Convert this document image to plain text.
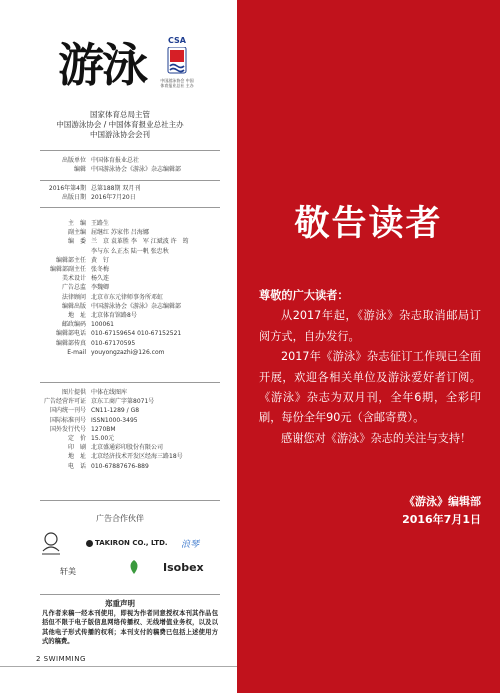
游泳	CSA
中国游泳协会 中国体育报业总社 主办
国家体育总局主管
中国游泳协会 / 中国体育报业总社主办
中国游泳协会会刊
出版单位 中国体育报业总社
编辑 中国游泳协会《游泳》杂志编辑部
2016年第4期 总第188期 双月刊
出版日期 2016年7月20日
主　编 王路生
副主编 屈继红 苏家伟 吕海娜
编　委 兰　京 袁革胜 李　军 江斌波 许　筠
李与东 么正杰 陆一帆 张忠秋
编辑部主任 黄　钉
编辑部副主任 张冬梅
美术设计 杨久连
广告总监 李魏卿
法律顾问 北京市东元律师事务所邓虹
编辑出版 中国游泳协会《游泳》杂志编辑部
地　址 北京体育馆路8号
邮政编码 100061
编辑部电话 010-67159654 010-67152521
编辑部传真 010-67170595
E-mail youyongzazhi@126.com
图片提供 中体在线图库
广告经营许可证 京东工商广字第8071号
国内统一刊号 CN11-1289 / G8
国际标准刊号 ISSN1000-3495
国外发行代号 1270BM
定　价 15.00元
印　刷 北京盛通彩印股份有限公司
地　址 北京经济技术开发区经海三路18号
电　话 010-67887676-889
广告合作伙伴
TAKIRON CO., LTD. 浪琴
轩美	Isobex
郑重声明
凡作者来稿一经本刊使用，即视为作者同意授权本刊其作品包括但不限于电子版信息网络传播权、无线增值业务权，以及以其他电子形式传播的权利；本刊支付的稿费已包括上述使用方式的稿费。
2 SWIMMING
敬告读者

尊敬的广大读者：

从2017年起，《游泳》杂志取消邮局订阅方式，自办发行。

2017年《游泳》杂志征订工作现已全面开展，欢迎各相关单位及游泳爱好者订阅。《游泳》杂志为双月刊，全年6期，全彩印刷，每份全年90元（含邮寄费）。

感谢您对《游泳》杂志的关注与支持！

《游泳》编辑部
2016年7月1日
